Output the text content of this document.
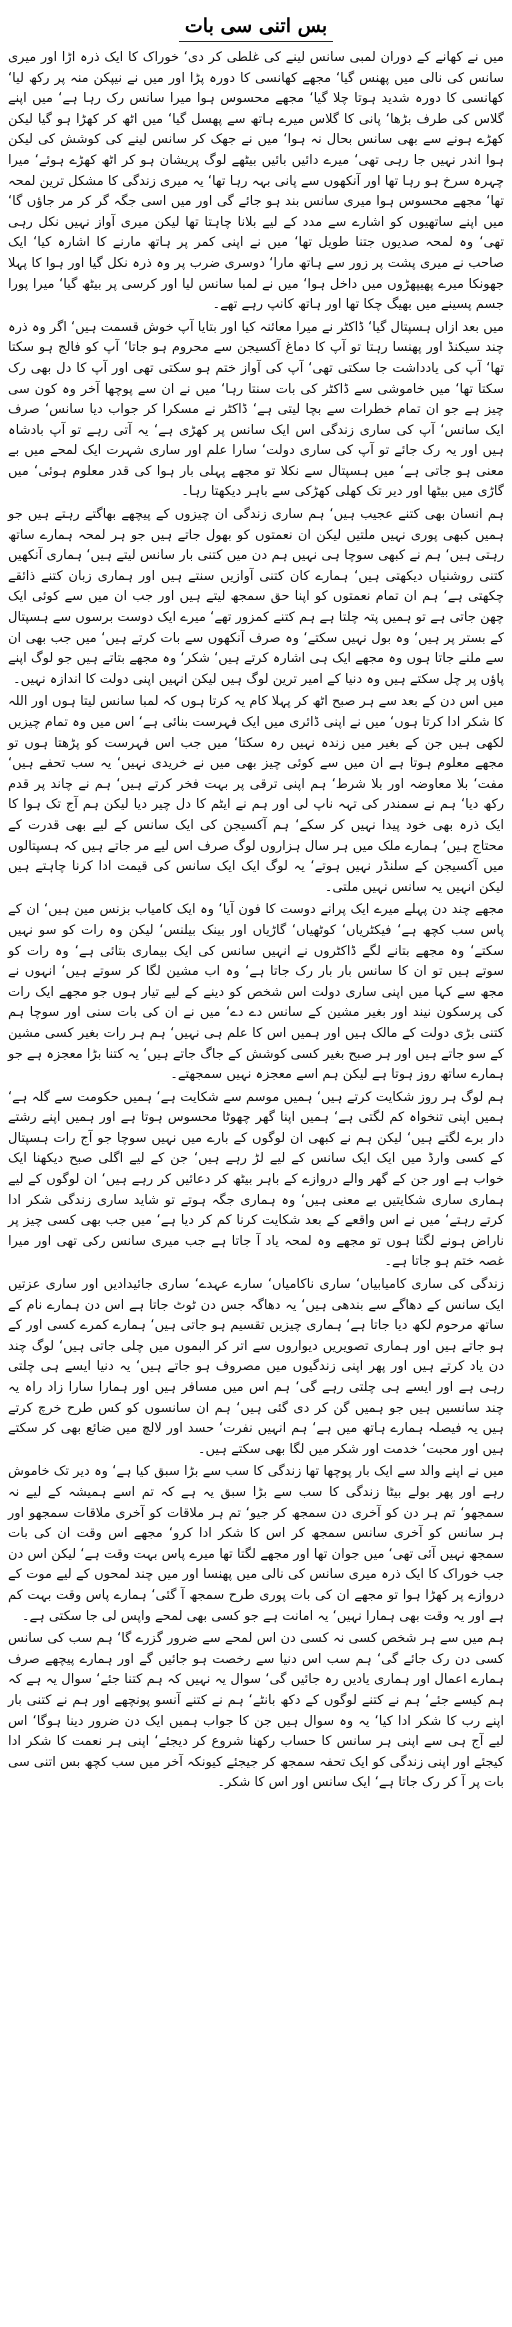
بس اتنی سی بات

میں نے کھانے کے دوران لمبی سانس لینے کی غلطی کر دی‘ خوراک کا ایک ذرہ اڑا اور میری سانس کی نالی میں پھنس گیا‘ مجھے کھانسی کا دورہ پڑا اور میں نے نیپکن منہ پر رکھ لیا‘ کھانسی کا دورہ شدید ہوتا چلا گیا‘ مجھے محسوس ہوا میرا سانس رک رہا ہے‘ میں اپنے گلاس کی طرف بڑھا‘ پانی کا گلاس میرے ہاتھ سے پھسل گیا‘ میں اٹھ کر کھڑا ہو گیا لیکن کھڑے ہونے سے بھی سانس بحال نہ ہوا‘ میں نے جھک کر سانس لینے کی کوشش کی لیکن ہوا اندر نہیں جا رہی تھی‘ میرے دائیں بائیں بیٹھے لوگ پریشان ہو کر اٹھ کھڑے ہوئے‘ میرا چہرہ سرخ ہو رہا تھا اور آنکھوں سے پانی بہہ رہا تھا‘ یہ میری زندگی کا مشکل ترین لمحہ تھا‘ مجھے محسوس ہوا میری سانس بند ہو جائے گی اور میں اسی جگہ گر کر مر جاؤں گا‘ میں اپنے ساتھیوں کو اشارے سے مدد کے لیے بلانا چاہتا تھا لیکن میری آواز نہیں نکل رہی تھی‘ وہ لمحہ صدیوں جتنا طویل تھا‘ میں نے اپنی کمر پر ہاتھ مارنے کا اشارہ کیا‘ ایک صاحب نے میری پشت پر زور سے ہاتھ مارا‘ دوسری ضرب پر وہ ذرہ نکل گیا اور ہوا کا پہلا جھونکا میرے پھیپھڑوں میں داخل ہوا‘ میں نے لمبا سانس لیا اور کرسی پر بیٹھ گیا‘ میرا پورا جسم پسینے میں بھیگ چکا تھا اور ہاتھ کانپ رہے تھے۔

میں بعد ازاں ہسپتال گیا‘ ڈاکٹر نے میرا معائنہ کیا اور بتایا آپ خوش قسمت ہیں‘ اگر وہ ذرہ چند سیکنڈ اور پھنسا رہتا تو آپ کا دماغ آکسیجن سے محروم ہو جاتا‘ آپ کو فالج ہو سکتا تھا‘ آپ کی یادداشت جا سکتی تھی‘ آپ کی آواز ختم ہو سکتی تھی اور آپ کا دل بھی رک سکتا تھا‘ میں خاموشی سے ڈاکٹر کی بات سنتا رہا‘ میں نے ان سے پوچھا آخر وہ کون سی چیز ہے جو ان تمام خطرات سے بچا لیتی ہے‘ ڈاکٹر نے مسکرا کر جواب دیا سانس‘ صرف ایک سانس‘ آپ کی ساری زندگی اس ایک سانس پر کھڑی ہے‘ یہ آتی رہے تو آپ بادشاہ ہیں اور یہ رک جائے تو آپ کی ساری دولت‘ سارا علم اور ساری شہرت ایک لمحے میں بے معنی ہو جاتی ہے‘ میں ہسپتال سے نکلا تو مجھے پہلی بار ہوا کی قدر معلوم ہوئی‘ میں گاڑی میں بیٹھا اور دیر تک کھلی کھڑکی سے باہر دیکھتا رہا۔

ہم انسان بھی کتنے عجیب ہیں‘ ہم ساری زندگی ان چیزوں کے پیچھے بھاگتے رہتے ہیں جو ہمیں کبھی پوری نہیں ملتیں لیکن ان نعمتوں کو بھول جاتے ہیں جو ہر لمحہ ہمارے ساتھ رہتی ہیں‘ ہم نے کبھی سوچا ہی نہیں ہم دن میں کتنی بار سانس لیتے ہیں‘ ہماری آنکھیں کتنی روشنیاں دیکھتی ہیں‘ ہمارے کان کتنی آوازیں سنتے ہیں اور ہماری زبان کتنے ذائقے چکھتی ہے‘ ہم ان تمام نعمتوں کو اپنا حق سمجھ لیتے ہیں اور جب ان میں سے کوئی ایک چھن جاتی ہے تو ہمیں پتہ چلتا ہے ہم کتنے کمزور تھے‘ میرے ایک دوست برسوں سے ہسپتال کے بستر پر ہیں‘ وہ بول نہیں سکتے‘ وہ صرف آنکھوں سے بات کرتے ہیں‘ میں جب بھی ان سے ملنے جاتا ہوں وہ مجھے ایک ہی اشارہ کرتے ہیں‘ شکر‘ وہ مجھے بتاتے ہیں جو لوگ اپنے پاؤں پر چل سکتے ہیں وہ دنیا کے امیر ترین لوگ ہیں لیکن انہیں اپنی دولت کا اندازہ نہیں۔

میں اس دن کے بعد سے ہر صبح اٹھ کر پہلا کام یہ کرتا ہوں کہ لمبا سانس لیتا ہوں اور اللہ کا شکر ادا کرتا ہوں‘ میں نے اپنی ڈائری میں ایک فہرست بنائی ہے‘ اس میں وہ تمام چیزیں لکھی ہیں جن کے بغیر میں زندہ نہیں رہ سکتا‘ میں جب اس فہرست کو پڑھتا ہوں تو مجھے معلوم ہوتا ہے ان میں سے کوئی چیز بھی میں نے خریدی نہیں‘ یہ سب تحفے ہیں‘ مفت‘ بلا معاوضہ اور بلا شرط‘ ہم اپنی ترقی پر بہت فخر کرتے ہیں‘ ہم نے چاند پر قدم رکھ دیا‘ ہم نے سمندر کی تہہ ناپ لی اور ہم نے ایٹم کا دل چیر دیا لیکن ہم آج تک ہوا کا ایک ذرہ بھی خود پیدا نہیں کر سکے‘ ہم آکسیجن کی ایک سانس کے لیے بھی قدرت کے محتاج ہیں‘ ہمارے ملک میں ہر سال ہزاروں لوگ صرف اس لیے مر جاتے ہیں کہ ہسپتالوں میں آکسیجن کے سلنڈر نہیں ہوتے‘ یہ لوگ ایک ایک سانس کی قیمت ادا کرنا چاہتے ہیں لیکن انہیں یہ سانس نہیں ملتی۔

مجھے چند دن پہلے میرے ایک پرانے دوست کا فون آیا‘ وہ ایک کامیاب بزنس مین ہیں‘ ان کے پاس سب کچھ ہے‘ فیکٹریاں‘ کوٹھیاں‘ گاڑیاں اور بینک بیلنس‘ لیکن وہ رات کو سو نہیں سکتے‘ وہ مجھے بتانے لگے ڈاکٹروں نے انہیں سانس کی ایک بیماری بتائی ہے‘ وہ رات کو سوتے ہیں تو ان کا سانس بار بار رک جاتا ہے‘ وہ اب مشین لگا کر سوتے ہیں‘ انہوں نے مجھ سے کہا میں اپنی ساری دولت اس شخص کو دینے کے لیے تیار ہوں جو مجھے ایک رات کی پرسکون نیند اور بغیر مشین کے سانس دے دے‘ میں نے ان کی بات سنی اور سوچا ہم کتنی بڑی دولت کے مالک ہیں اور ہمیں اس کا علم ہی نہیں‘ ہم ہر رات بغیر کسی مشین کے سو جاتے ہیں اور ہر صبح بغیر کسی کوشش کے جاگ جاتے ہیں‘ یہ کتنا بڑا معجزہ ہے جو ہمارے ساتھ روز ہوتا ہے لیکن ہم اسے معجزہ نہیں سمجھتے۔

ہم لوگ ہر روز شکایت کرتے ہیں‘ ہمیں موسم سے شکایت ہے‘ ہمیں حکومت سے گلہ ہے‘ ہمیں اپنی تنخواہ کم لگتی ہے‘ ہمیں اپنا گھر چھوٹا محسوس ہوتا ہے اور ہمیں اپنے رشتے دار برے لگتے ہیں‘ لیکن ہم نے کبھی ان لوگوں کے بارے میں نہیں سوچا جو آج رات ہسپتال کے کسی وارڈ میں ایک ایک سانس کے لیے لڑ رہے ہیں‘ جن کے لیے اگلی صبح دیکھنا ایک خواب ہے اور جن کے گھر والے دروازے کے باہر بیٹھ کر دعائیں کر رہے ہیں‘ ان لوگوں کے لیے ہماری ساری شکایتیں بے معنی ہیں‘ وہ ہماری جگہ ہوتے تو شاید ساری زندگی شکر ادا کرتے رہتے‘ میں نے اس واقعے کے بعد شکایت کرنا کم کر دیا ہے‘ میں جب بھی کسی چیز پر ناراض ہونے لگتا ہوں تو مجھے وہ لمحہ یاد آ جاتا ہے جب میری سانس رکی تھی اور میرا غصہ ختم ہو جاتا ہے۔

زندگی کی ساری کامیابیاں‘ ساری ناکامیاں‘ سارے عہدے‘ ساری جائیدادیں اور ساری عزتیں ایک سانس کے دھاگے سے بندھی ہیں‘ یہ دھاگہ جس دن ٹوٹ جاتا ہے اس دن ہمارے نام کے ساتھ مرحوم لکھ دیا جاتا ہے‘ ہماری چیزیں تقسیم ہو جاتی ہیں‘ ہمارے کمرے کسی اور کے ہو جاتے ہیں اور ہماری تصویریں دیواروں سے اتر کر البموں میں چلی جاتی ہیں‘ لوگ چند دن یاد کرتے ہیں اور پھر اپنی زندگیوں میں مصروف ہو جاتے ہیں‘ یہ دنیا ایسے ہی چلتی رہی ہے اور ایسے ہی چلتی رہے گی‘ ہم اس میں مسافر ہیں اور ہمارا سارا زاد راہ یہ چند سانسیں ہیں جو ہمیں گن کر دی گئی ہیں‘ ہم ان سانسوں کو کس طرح خرچ کرتے ہیں یہ فیصلہ ہمارے ہاتھ میں ہے‘ ہم انہیں نفرت‘ حسد اور لالچ میں ضائع بھی کر سکتے ہیں اور محبت‘ خدمت اور شکر میں لگا بھی سکتے ہیں۔

میں نے اپنے والد سے ایک بار پوچھا تھا زندگی کا سب سے بڑا سبق کیا ہے‘ وہ دیر تک خاموش رہے اور پھر بولے بیٹا زندگی کا سب سے بڑا سبق یہ ہے کہ تم اسے ہمیشہ کے لیے نہ سمجھو‘ تم ہر دن کو آخری دن سمجھ کر جیو‘ تم ہر ملاقات کو آخری ملاقات سمجھو اور ہر سانس کو آخری سانس سمجھ کر اس کا شکر ادا کرو‘ مجھے اس وقت ان کی بات سمجھ نہیں آئی تھی‘ میں جوان تھا اور مجھے لگتا تھا میرے پاس بہت وقت ہے‘ لیکن اس دن جب خوراک کا ایک ذرہ میری سانس کی نالی میں پھنسا اور میں چند لمحوں کے لیے موت کے دروازے پر کھڑا ہوا تو مجھے ان کی بات پوری طرح سمجھ آ گئی‘ ہمارے پاس وقت بہت کم ہے اور یہ وقت بھی ہمارا نہیں‘ یہ امانت ہے جو کسی بھی لمحے واپس لی جا سکتی ہے۔

ہم میں سے ہر شخص کسی نہ کسی دن اس لمحے سے ضرور گزرے گا‘ ہم سب کی سانس کسی دن رک جائے گی‘ ہم سب اس دنیا سے رخصت ہو جائیں گے اور ہمارے پیچھے صرف ہمارے اعمال اور ہماری یادیں رہ جائیں گی‘ سوال یہ نہیں کہ ہم کتنا جئے‘ سوال یہ ہے کہ ہم کیسے جئے‘ ہم نے کتنے لوگوں کے دکھ بانٹے‘ ہم نے کتنے آنسو پونچھے اور ہم نے کتنی بار اپنے رب کا شکر ادا کیا‘ یہ وہ سوال ہیں جن کا جواب ہمیں ایک دن ضرور دینا ہوگا‘ اس لیے آج ہی سے اپنی ہر سانس کا حساب رکھنا شروع کر دیجئے‘ اپنی ہر نعمت کا شکر ادا کیجئے اور اپنی زندگی کو ایک تحفہ سمجھ کر جیجئے کیونکہ آخر میں سب کچھ بس اتنی سی بات پر آ کر رک جاتا ہے‘ ایک سانس اور اس کا شکر۔
